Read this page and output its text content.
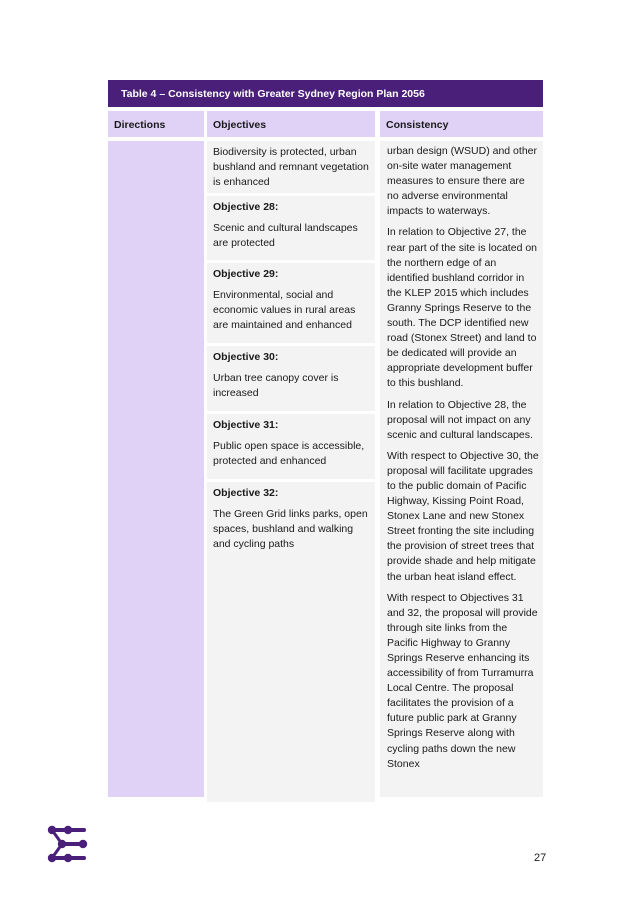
Table 4 – Consistency with Greater Sydney Region Plan 2056
Directions	Objectives	Consistency
Biodiversity is protected, urban bushland and remnant vegetation is enhanced
Objective 28:
Scenic and cultural landscapes are protected
Objective 29:
Environmental, social and economic values in rural areas are maintained and enhanced
Objective 30:
Urban tree canopy cover is increased
Objective 31:
Public open space is accessible, protected and enhanced
Objective 32:
The Green Grid links parks, open spaces, bushland and walking and cycling paths

urban design (WSUD) and other on-site water management measures to ensure there are no adverse environmental impacts to waterways.

In relation to Objective 27, the rear part of the site is located on the northern edge of an identified bushland corridor in the KLEP 2015 which includes Granny Springs Reserve to the south. The DCP identified new road (Stonex Street) and land to be dedicated will provide an appropriate development buffer to this bushland.

In relation to Objective 28, the proposal will not impact on any scenic and cultural landscapes.

With respect to Objective 30, the proposal will facilitate upgrades to the public domain of Pacific Highway, Kissing Point Road, Stonex Lane and new Stonex Street fronting the site including the provision of street trees that provide shade and help mitigate the urban heat island effect.

With respect to Objectives 31 and 32, the proposal will provide through site links from the Pacific Highway to Granny Springs Reserve enhancing its accessibility of from Turramurra Local Centre. The proposal facilitates the provision of a future public park at Granny Springs Reserve along with cycling paths down the new Stonex

27
